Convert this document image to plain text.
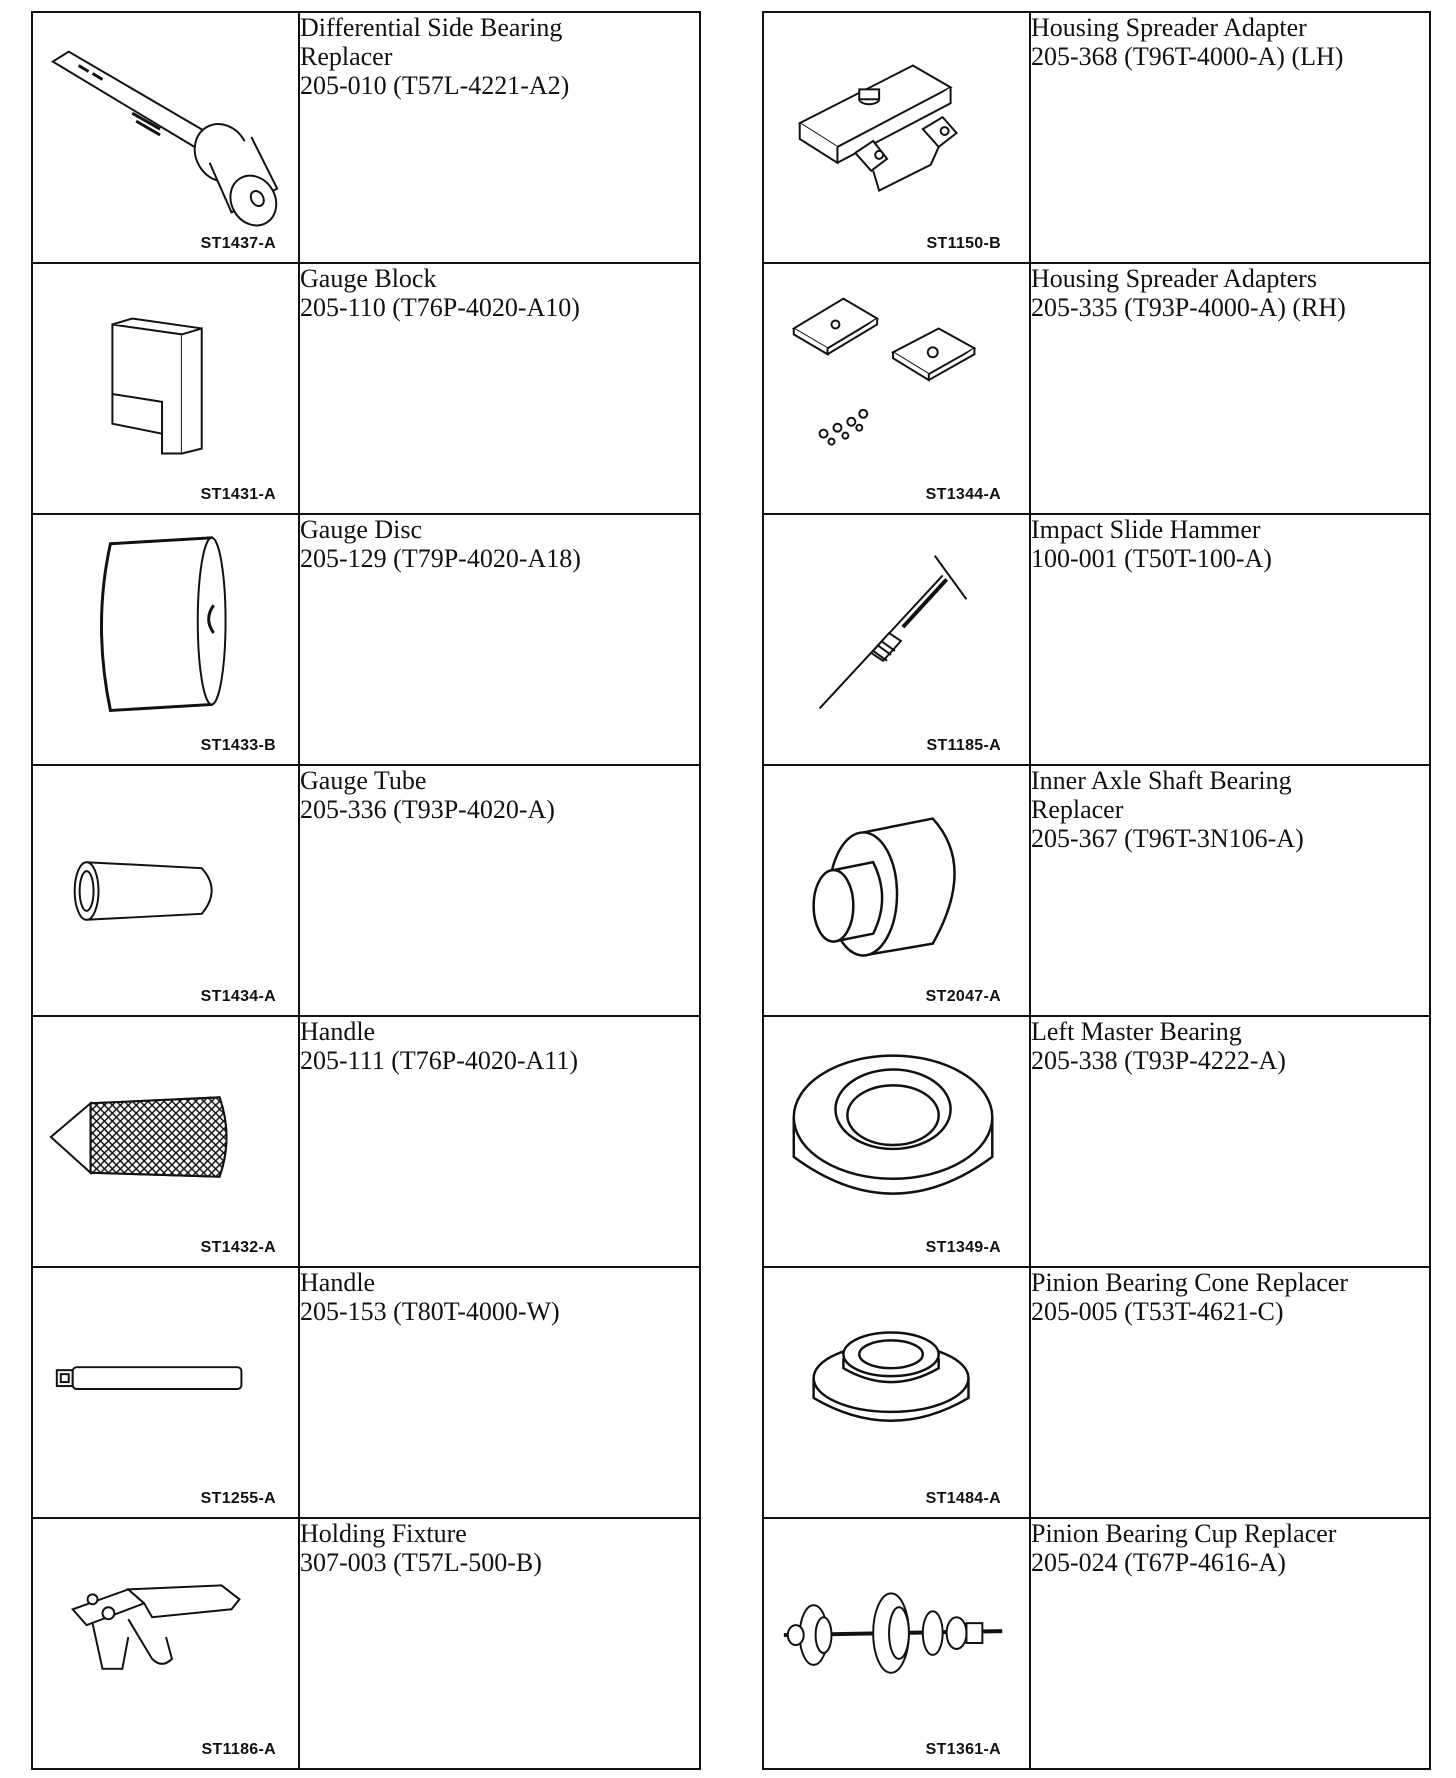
ST1437-A	Differential Side Bearing
Replacer
205-010 (T57L-4221-A2)

ST1431-A	Gauge Block
205-110 (T76P-4020-A10)

ST1433-B	Gauge Disc
205-129 (T79P-4020-A18)

ST1434-A	Gauge Tube
205-336 (T93P-4020-A)

ST1432-A	Handle
205-111 (T76P-4020-A11)

ST1255-A	Handle
205-153 (T80T-4000-W)

ST1186-A	Holding Fixture
307-003 (T57L-500-B)
ST1150-B	Housing Spreader Adapter
205-368 (T96T-4000-A) (LH)

ST1344-A	Housing Spreader Adapters
205-335 (T93P-4000-A) (RH)

ST1185-A	Impact Slide Hammer
100-001 (T50T-100-A)

ST2047-A	Inner Axle Shaft Bearing
Replacer
205-367 (T96T-3N106-A)

ST1349-A	Left Master Bearing
205-338 (T93P-4222-A)

ST1484-A	Pinion Bearing Cone Replacer
205-005 (T53T-4621-C)

ST1361-A	Pinion Bearing Cup Replacer
205-024 (T67P-4616-A)
